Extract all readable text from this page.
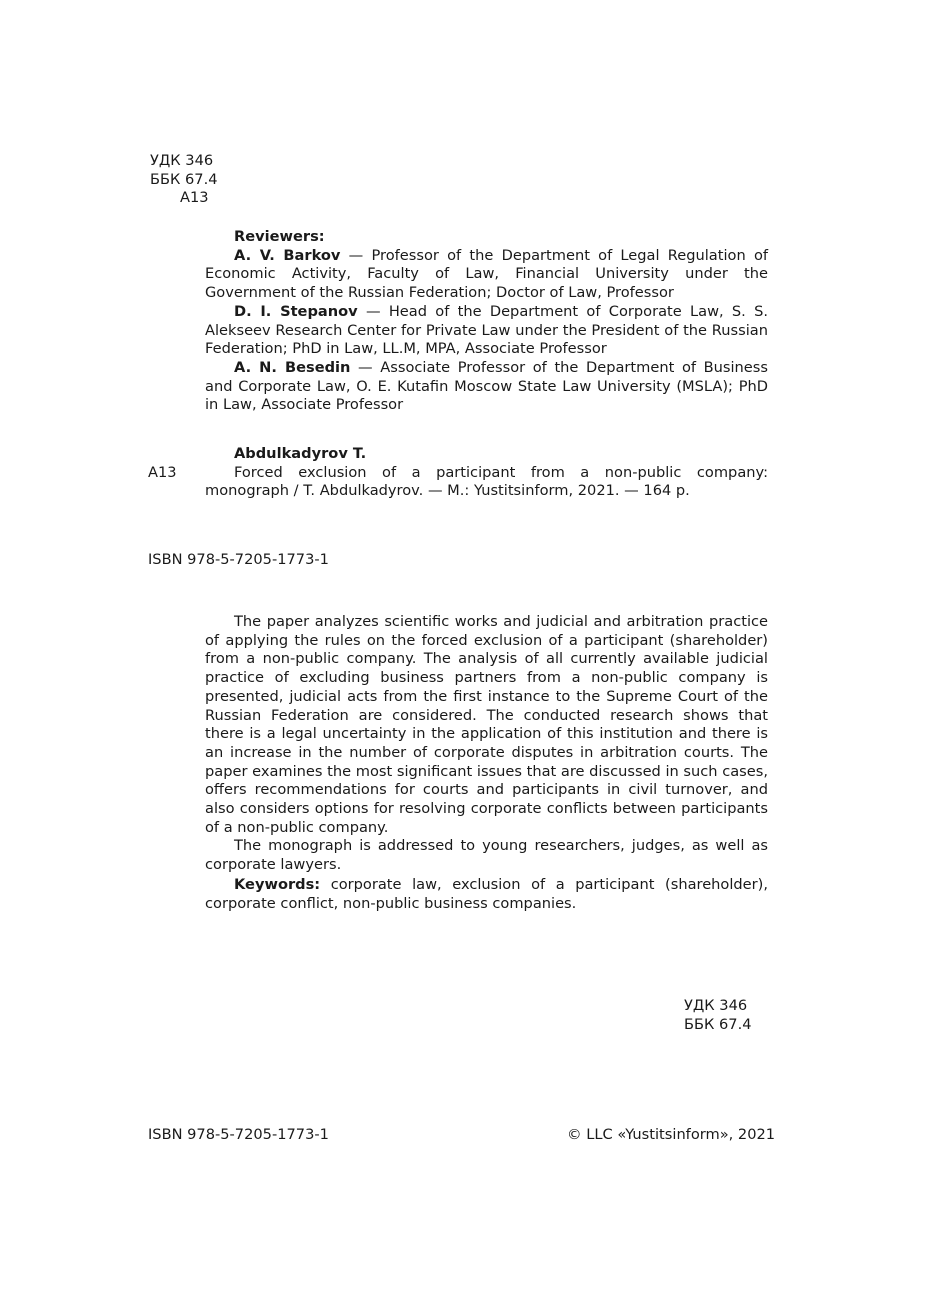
УДК 346
ББК 67.4
А13

Reviewers:

A. V. Barkov — Professor of the Department of Legal Regulation of Economic Activity, Faculty of Law, Financial University under the Government of the Russian Federation; Doctor of Law, Professor

D. I. Stepanov — Head of the Department of Corporate Law, S. S. Alekseev Research Center for Private Law under the President of the Russian Federation; PhD in Law, LL.M, MPA, Associate Professor

A. N. Besedin — Associate Professor of the Department of Business and Corporate Law, O. E. Kutafin Moscow State Law University (MSLA); PhD in Law, Associate Professor

Abdulkadyrov T.

Forced exclusion of a participant from a non-public company: monograph / T. Abdulkadyrov. — M.: Yustitsinform, 2021. — 164 p.

А13
ISBN 978-5-7205-1773-1

The paper analyzes scientific works and judicial and arbitration practice of applying the rules on the forced exclusion of a participant (shareholder) from a non-public company. The analysis of all currently available judicial practice of excluding business partners from a non-public company is presented, judicial acts from the first instance to the Supreme Court of the Russian Federation are considered. The conducted research shows that there is a legal uncertainty in the application of this institution and there is an increase in the number of corporate disputes in arbitration courts. The paper examines the most significant issues that are discussed in such cases, offers recommendations for courts and participants in civil turnover, and also considers options for resolving corporate conflicts between participants of a non-public company.

The monograph is addressed to young researchers, judges, as well as corporate lawyers.

Keywords: corporate law, exclusion of a participant (shareholder), corporate conflict, non-public business companies.

УДК 346
ББК 67.4
ISBN 978-5-7205-1773-1	© LLC «Yustitsinform», 2021
